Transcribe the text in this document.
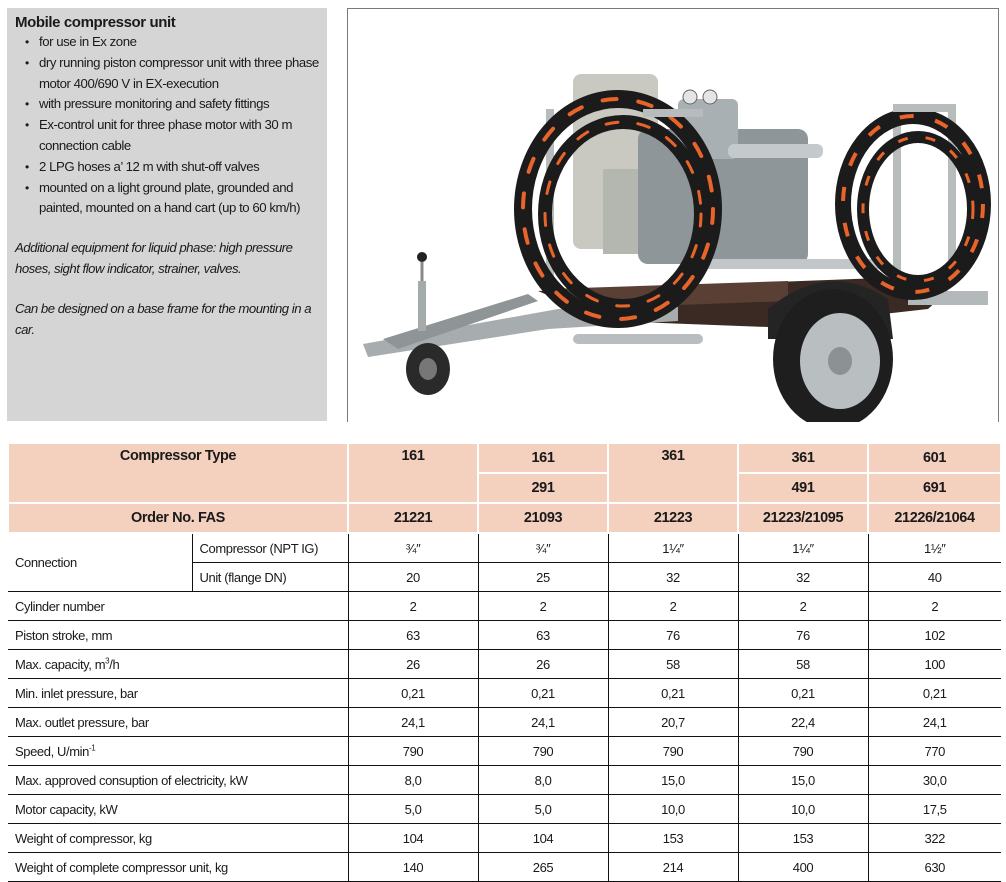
Mobile compressor unit
• for use in Ex zone
• dry running piston compressor unit with three phase motor 400/690 V in EX-execution
• with pressure monitoring and safety fittings
• Ex-control unit for three phase motor with 30 m connection cable
• 2 LPG hoses a’ 12 m with shut-off valves
• mounted on a light ground plate, grounded and painted, mounted on a hand cart (up to 60 km/h)

Additional equipment for liquid phase: high pressure hoses, sight flow indicator, strainer, valves.

Can be designed on a base frame for the mounting in a car.

Compressor Type		161	161	361	361	601
			291		491	691
Order No. FAS		21221	21093	21223	21223/21095	21226/21064
Connection	Compressor (NPT IG)	¾″	¾″	1¼″	1¼″	1½″
	Unit (flange DN)	20	25	32	32	40
Cylinder number		2	2	2	2	2
Piston stroke, mm		63	63	76	76	102
Max. capacity, $m^3/h$		26	26	58	58	100
Min. inlet pressure, bar		0,21	0,21	0,21	0,21	0,21
Max. outlet pressure, bar		24,1	24,1	20,7	22,4	24,1
Speed, $U/\min^{-1}$		790	790	790	790	770
Max. approved consuption of electricity, kW		8,0	8,0	15,0	15,0	30,0
Motor capacity, kW		5,0	5,0	10,0	10,0	17,5
Weight of compressor, kg		104	104	153	153	322
Weight of complete compressor unit, kg		140	265	214	400	630
